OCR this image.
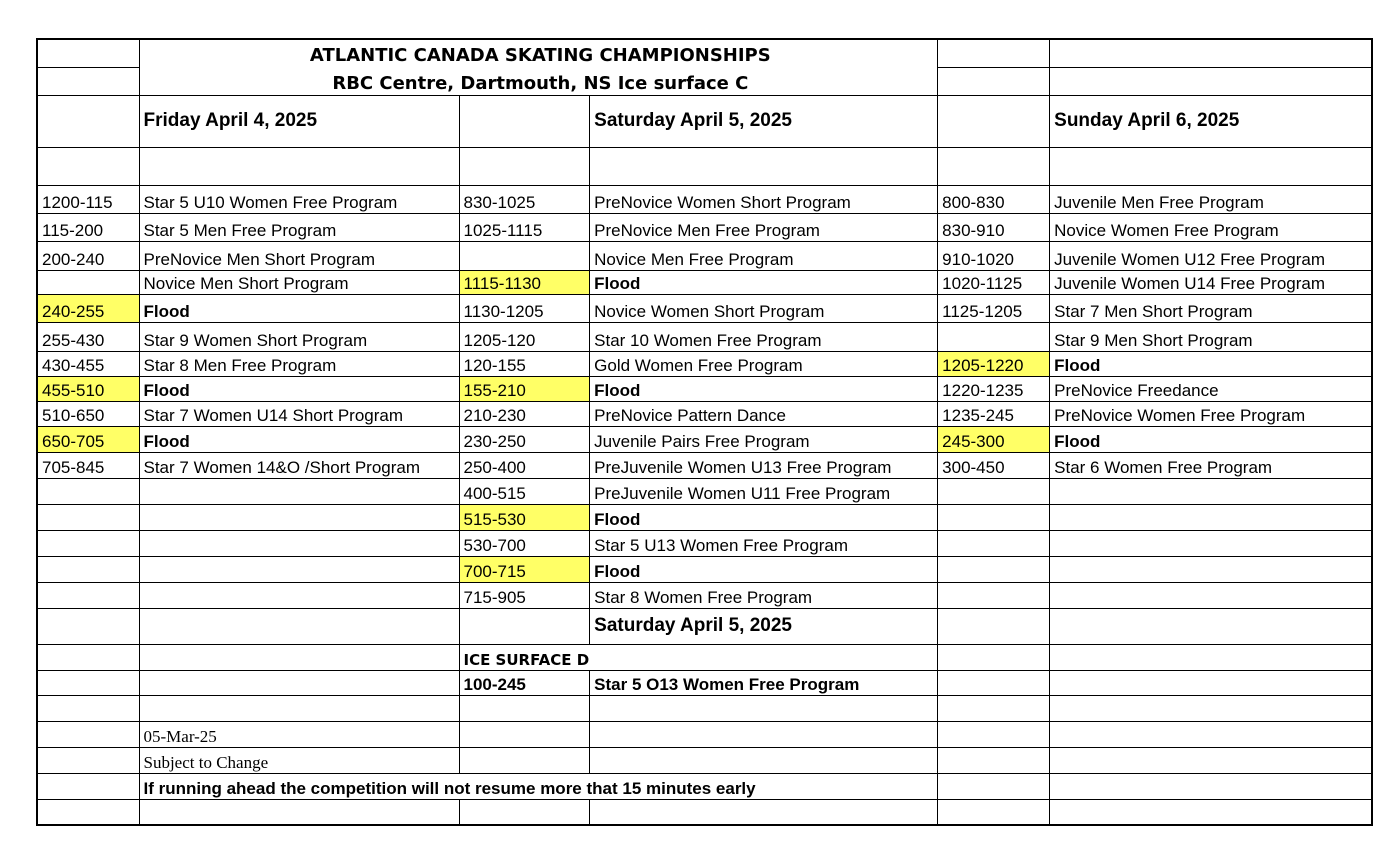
	ATLANTIC CANADA SKATING CHAMPIONSHIPS				
	RBC Centre, Dartmouth, NS Ice surface C				
	Friday April 4, 2025		Saturday April 5, 2025		Sunday April 6, 2025

1200-115	Star 5 U10 Women Free Program	830-1025	PreNovice Women Short Program	800-830	Juvenile Men Free Program
115-200	Star 5 Men Free Program	1025-1115	PreNovice Men Free Program	830-910	Novice Women Free Program
200-240	PreNovice Men Short Program		Novice Men Free Program	910-1020	Juvenile Women U12 Free Program
	Novice Men Short Program	1115-1130	Flood	1020-1125	Juvenile Women U14 Free Program
240-255	Flood	1130-1205	Novice Women Short Program	1125-1205	Star 7 Men Short Program
255-430	Star 9 Women Short Program	1205-120	Star 10 Women Free Program		Star 9 Men Short Program
430-455	Star 8 Men Free Program	120-155	Gold Women Free Program	1205-1220	Flood
455-510	Flood	155-210	Flood	1220-1235	PreNovice Freedance
510-650	Star 7 Women U14 Short Program	210-230	PreNovice Pattern Dance	1235-245	PreNovice Women Free Program
650-705	Flood	230-250	Juvenile Pairs Free Program	245-300	Flood
705-845	Star 7 Women 14&O /Short Program	250-400	PreJuvenile Women U13 Free Program	300-450	Star 6 Women Free Program
		400-515	PreJuvenile Women U11 Free Program		
		515-530	Flood		
		530-700	Star 5 U13 Women Free Program		
		700-715	Flood		
		715-905	Star 8 Women Free Program		
			Saturday April 5, 2025		
		ICE SURFACE D			
		100-245	Star 5 O13 Women Free Program		

	05-Mar-25				
	Subject to Change				
	If running ahead the competition will not resume more that 15 minutes early				
